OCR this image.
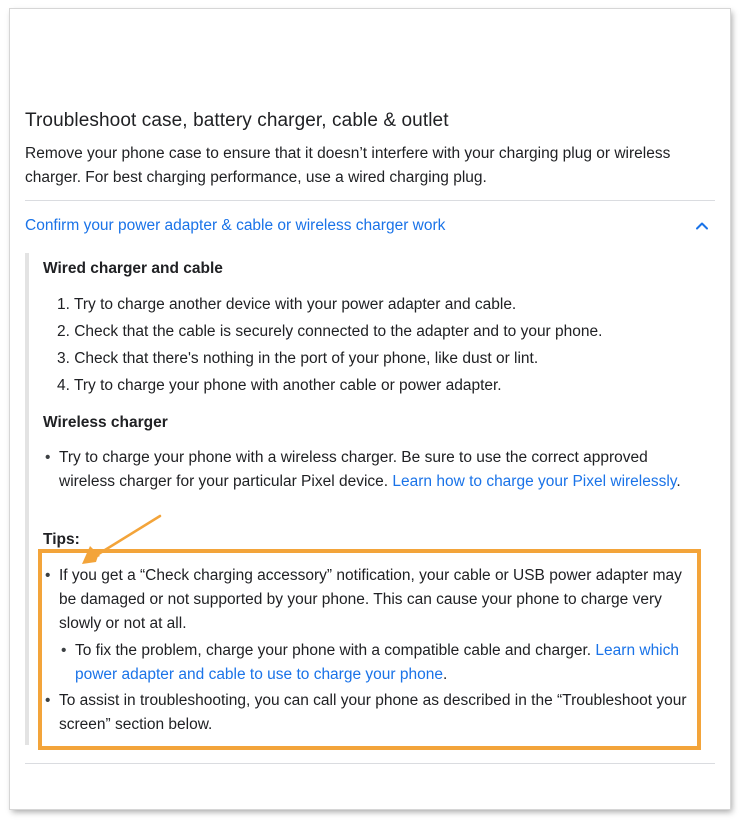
Troubleshoot case, battery charger, cable & outlet

Remove your phone case to ensure that it doesn’t interfere with your charging plug or wireless charger. For best charging performance, use a wired charging plug.

Confirm your power adapter & cable or wireless charger work
Wired charger and cable
1. Try to charge another device with your power adapter and cable.
2. Check that the cable is securely connected to the adapter and to your phone.
3. Check that there's nothing in the port of your phone, like dust or lint.
4. Try to charge your phone with another cable or power adapter.
Wireless charger
• Try to charge your phone with a wireless charger. Be sure to use the correct approved wireless charger for your particular Pixel device. Learn how to charge your Pixel wirelessly.
Tips:
• If you get a “Check charging accessory” notification, your cable or USB power adapter may be damaged or not supported by your phone. This can cause your phone to charge very slowly or not at all.
• To fix the problem, charge your phone with a compatible cable and charger. Learn which power adapter and cable to use to charge your phone.
• To assist in troubleshooting, you can call your phone as described in the “Troubleshoot your screen” section below.
